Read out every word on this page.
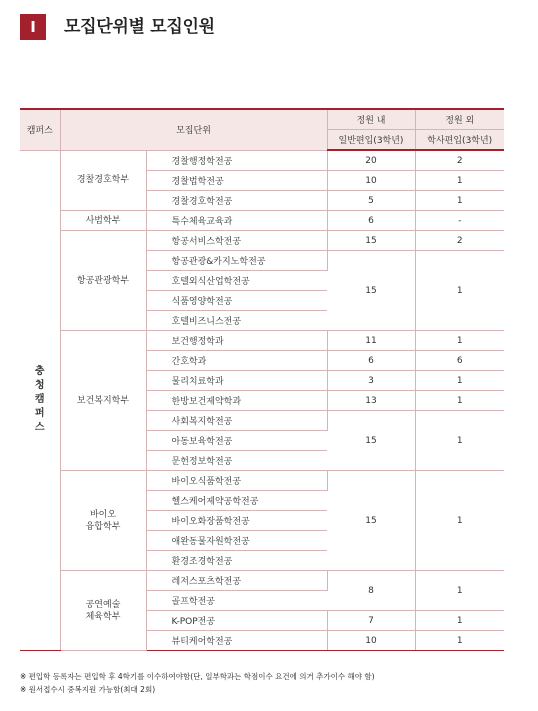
I	모집단위별 모집인원
캠퍼스	모집단위		정원 내	정원 외
			일반편입(3학년)	학사편입(3학년)

충
청
캠
퍼
스	경찰경호학부	경찰행정학전공	20	2
		경찰법학전공	10	1
		경찰경호학전공	5	1
	사범학부	특수체육교육과	6	-
	항공관광학부	항공서비스학전공	15	2
		항공관광&카지노학전공	15	1
		호텔외식산업학전공		
		식품영양학전공		
		호텔비즈니스전공		
	보건복지학부	보건행정학과	11	1
		간호학과	6	6
		물리치료학과	3	1
		한방보건제약학과	13	1
		사회복지학전공	15	1
		아동보육학전공		
		문헌정보학전공		
	바이오
융합학부	바이오식품학전공	15	1
		헬스케어제약공학전공		
		바이오화장품학전공		
		애완동물자원학전공		
		환경조경학전공		
	공연예술
체육학부	레저스포츠학전공	8	1
		골프학전공		
		K-POP전공	7	1
		뷰티케어학전공	10	1
※ 편입학 등록자는 편입학 후 4학기를 이수하여야함(단, 일부학과는 학점이수 요건에 의거 추가이수 해야 함)
※ 원서접수시 중복지원 가능함(최대 2회)
